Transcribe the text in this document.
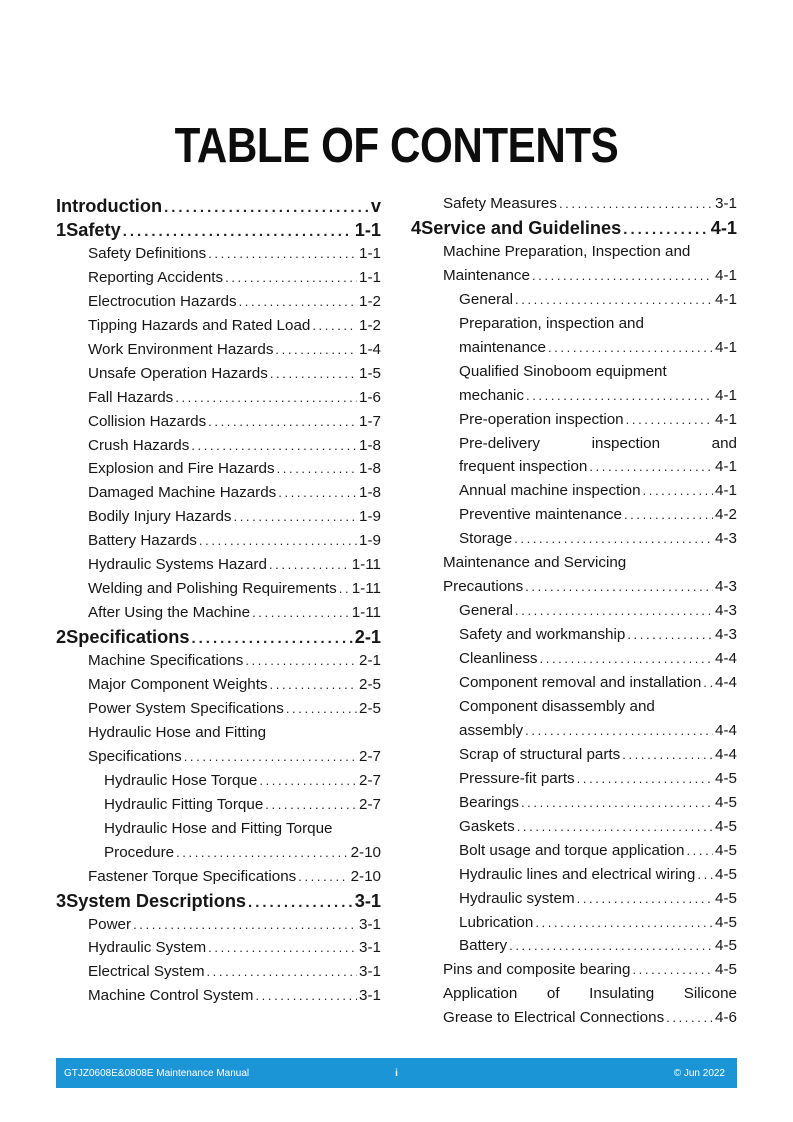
TABLE OF CONTENTS
Introduction .....	v
1 Safety .....	1-1
Safety Definitions .....	1-1
Reporting Accidents .....	1-1
Electrocution Hazards .....	1-2
Tipping Hazards and Rated Load .....	1-2
Work Environment Hazards .....	1-4
Unsafe Operation Hazards .....	1-5
Fall Hazards .....	1-6
Collision Hazards .....	1-7
Crush Hazards .....	1-8
Explosion and Fire Hazards .....	1-8
Damaged Machine Hazards .....	1-8
Bodily Injury Hazards .....	1-9
Battery Hazards .....	1-9
Hydraulic Systems Hazard .....	1-11
Welding and Polishing Requirements ..... 1-11
After Using the Machine .....	1-11
2 Specifications .....	2-1
Machine Specifications .....	2-1
Major Component Weights .....	2-5
Power System Specifications .....	2-5
Hydraulic Hose and Fitting
Specifications .....	2-7
Hydraulic Hose Torque .....	2-7
Hydraulic Fitting Torque .....	2-7
Hydraulic Hose and Fitting Torque
Procedure .....	2-10
Fastener Torque Specifications .....	2-10
3 System Descriptions .....	3-1
Power .....	3-1
Hydraulic System .....	3-1
Electrical System .....	3-1
Machine Control System .....	3-1
Safety Measures .....	3-1
4 Service and Guidelines .....	4-1
Machine Preparation, Inspection and
Maintenance .....	4-1
General .....	4-1
Preparation, inspection and
maintenance .....	4-1
Qualified Sinoboom equipment
mechanic .....	4-1
Pre-operation inspection .....	4-1
Pre-delivery	inspection	and
frequent inspection .....	4-1
Annual machine inspection .....	4-1
Preventive maintenance .....	4-2
Storage .....	4-3
Maintenance and Servicing
Precautions .....	4-3
General .....	4-3
Safety and workmanship .....	4-3
Cleanliness .....	4-4
Component removal and installation ..... 4-4
Component disassembly and
assembly .....	4-4
Scrap of structural parts .....	4-4
Pressure-fit parts .....	4-5
Bearings .....	4-5
Gaskets .....	4-5
Bolt usage and torque application ..... 4-5
Hydraulic lines and electrical wiring ..... 4-5
Hydraulic system .....	4-5
Lubrication .....	4-5
Battery .....	4-5
Pins and composite bearing .....	4-5
Application of Insulating Silicone
Grease to Electrical Connections .....	4-6
GTJZ0608E&0808E Maintenance Manual	i	© Jun 2022
